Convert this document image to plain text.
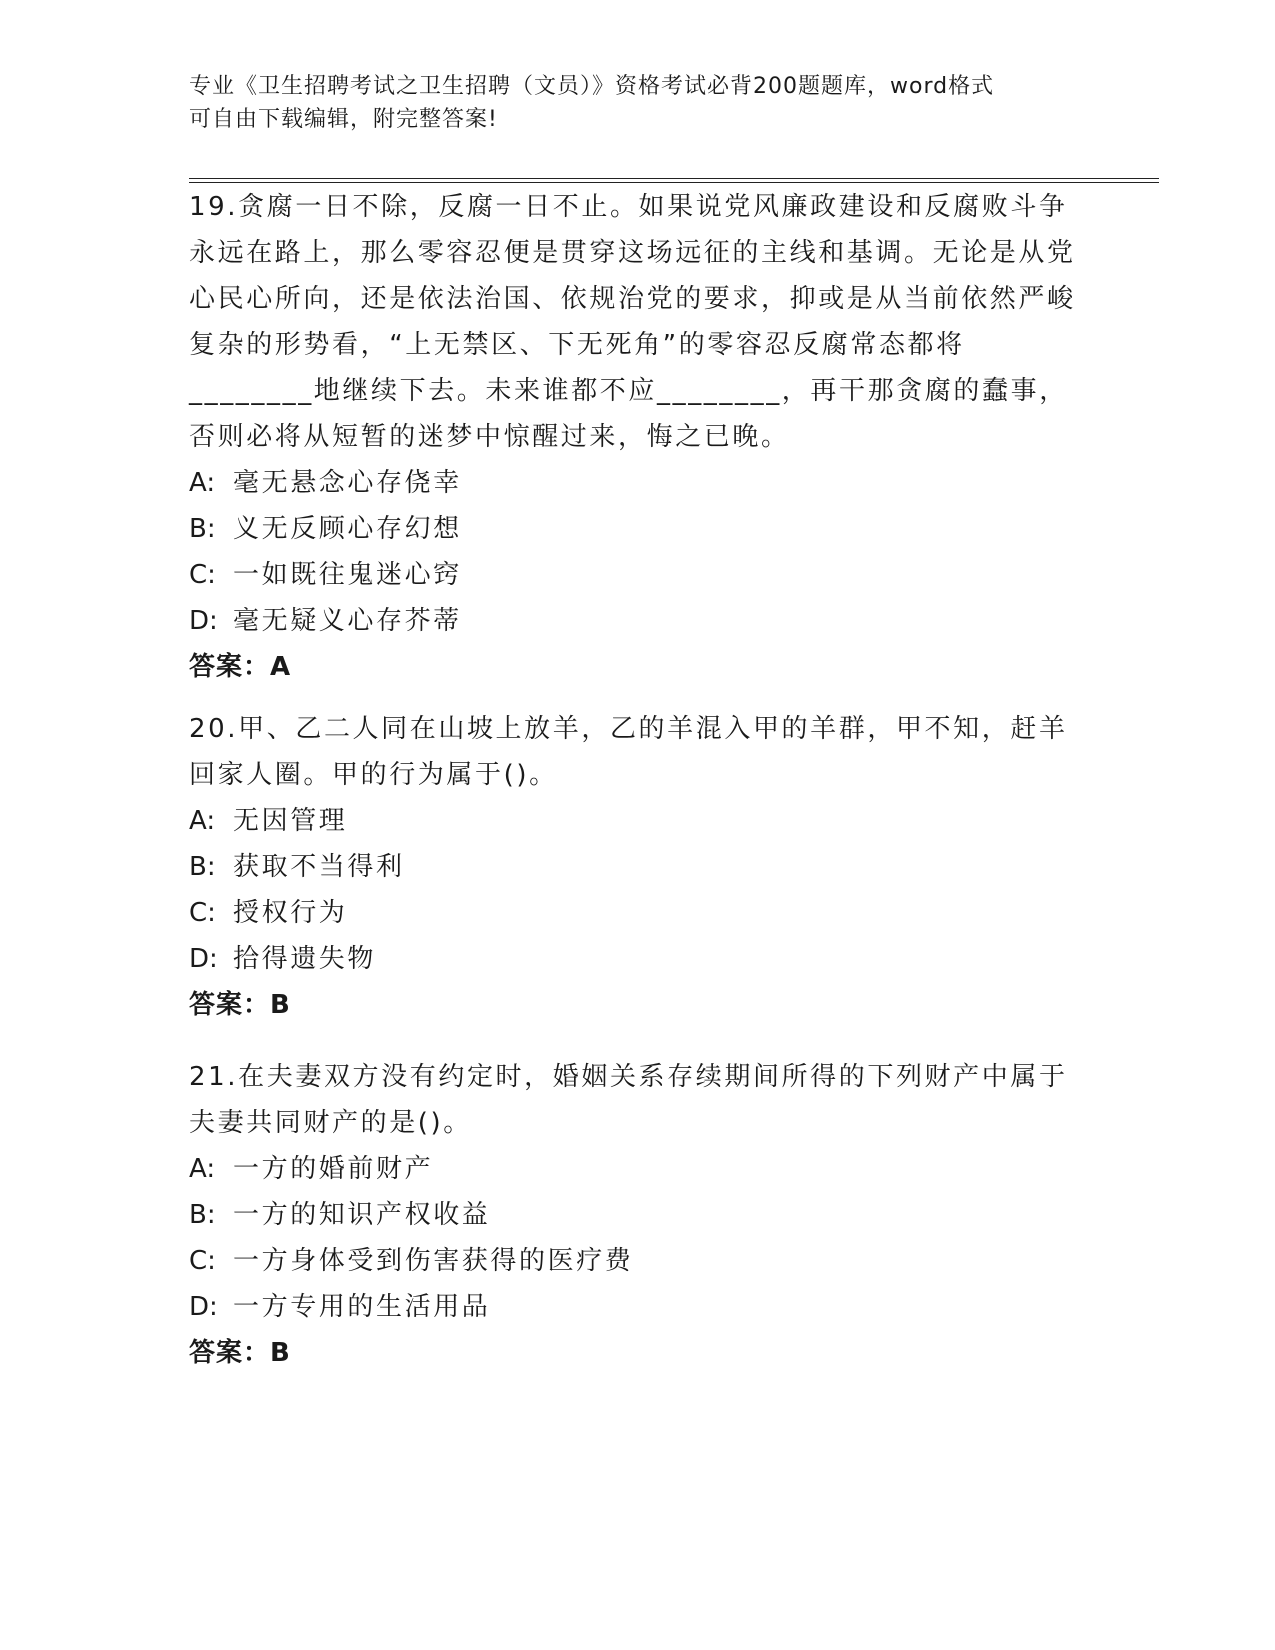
专业《卫生招聘考试之卫生招聘（文员）》资格考试必背200题题库，word格式
可自由下载编辑，附完整答案!

19.贪腐一日不除，反腐一日不止。如果说党风廉政建设和反腐败斗争永远在路上，那么零容忍便是贯穿这场远征的主线和基调。无论是从党心民心所向，还是依法治国、依规治党的要求，抑或是从当前依然严峻复杂的形势看，“上无禁区、下无死角”的零容忍反腐常态都将________地继续下去。未来谁都不应________，再干那贪腐的蠢事，否则必将从短暂的迷梦中惊醒过来，悔之已晚。

A: 毫无悬念心存侥幸

B: 义无反顾心存幻想

C: 一如既往鬼迷心窍

D: 毫无疑义心存芥蒂

答案：A

20.甲、乙二人同在山坡上放羊，乙的羊混入甲的羊群，甲不知，赶羊回家人圈。甲的行为属于()。

A: 无因管理

B: 获取不当得利

C: 授权行为

D: 拾得遗失物

答案：B

21.在夫妻双方没有约定时，婚姻关系存续期间所得的下列财产中属于夫妻共同财产的是()。

A: 一方的婚前财产

B: 一方的知识产权收益

C: 一方身体受到伤害获得的医疗费

D: 一方专用的生活用品

答案：B
